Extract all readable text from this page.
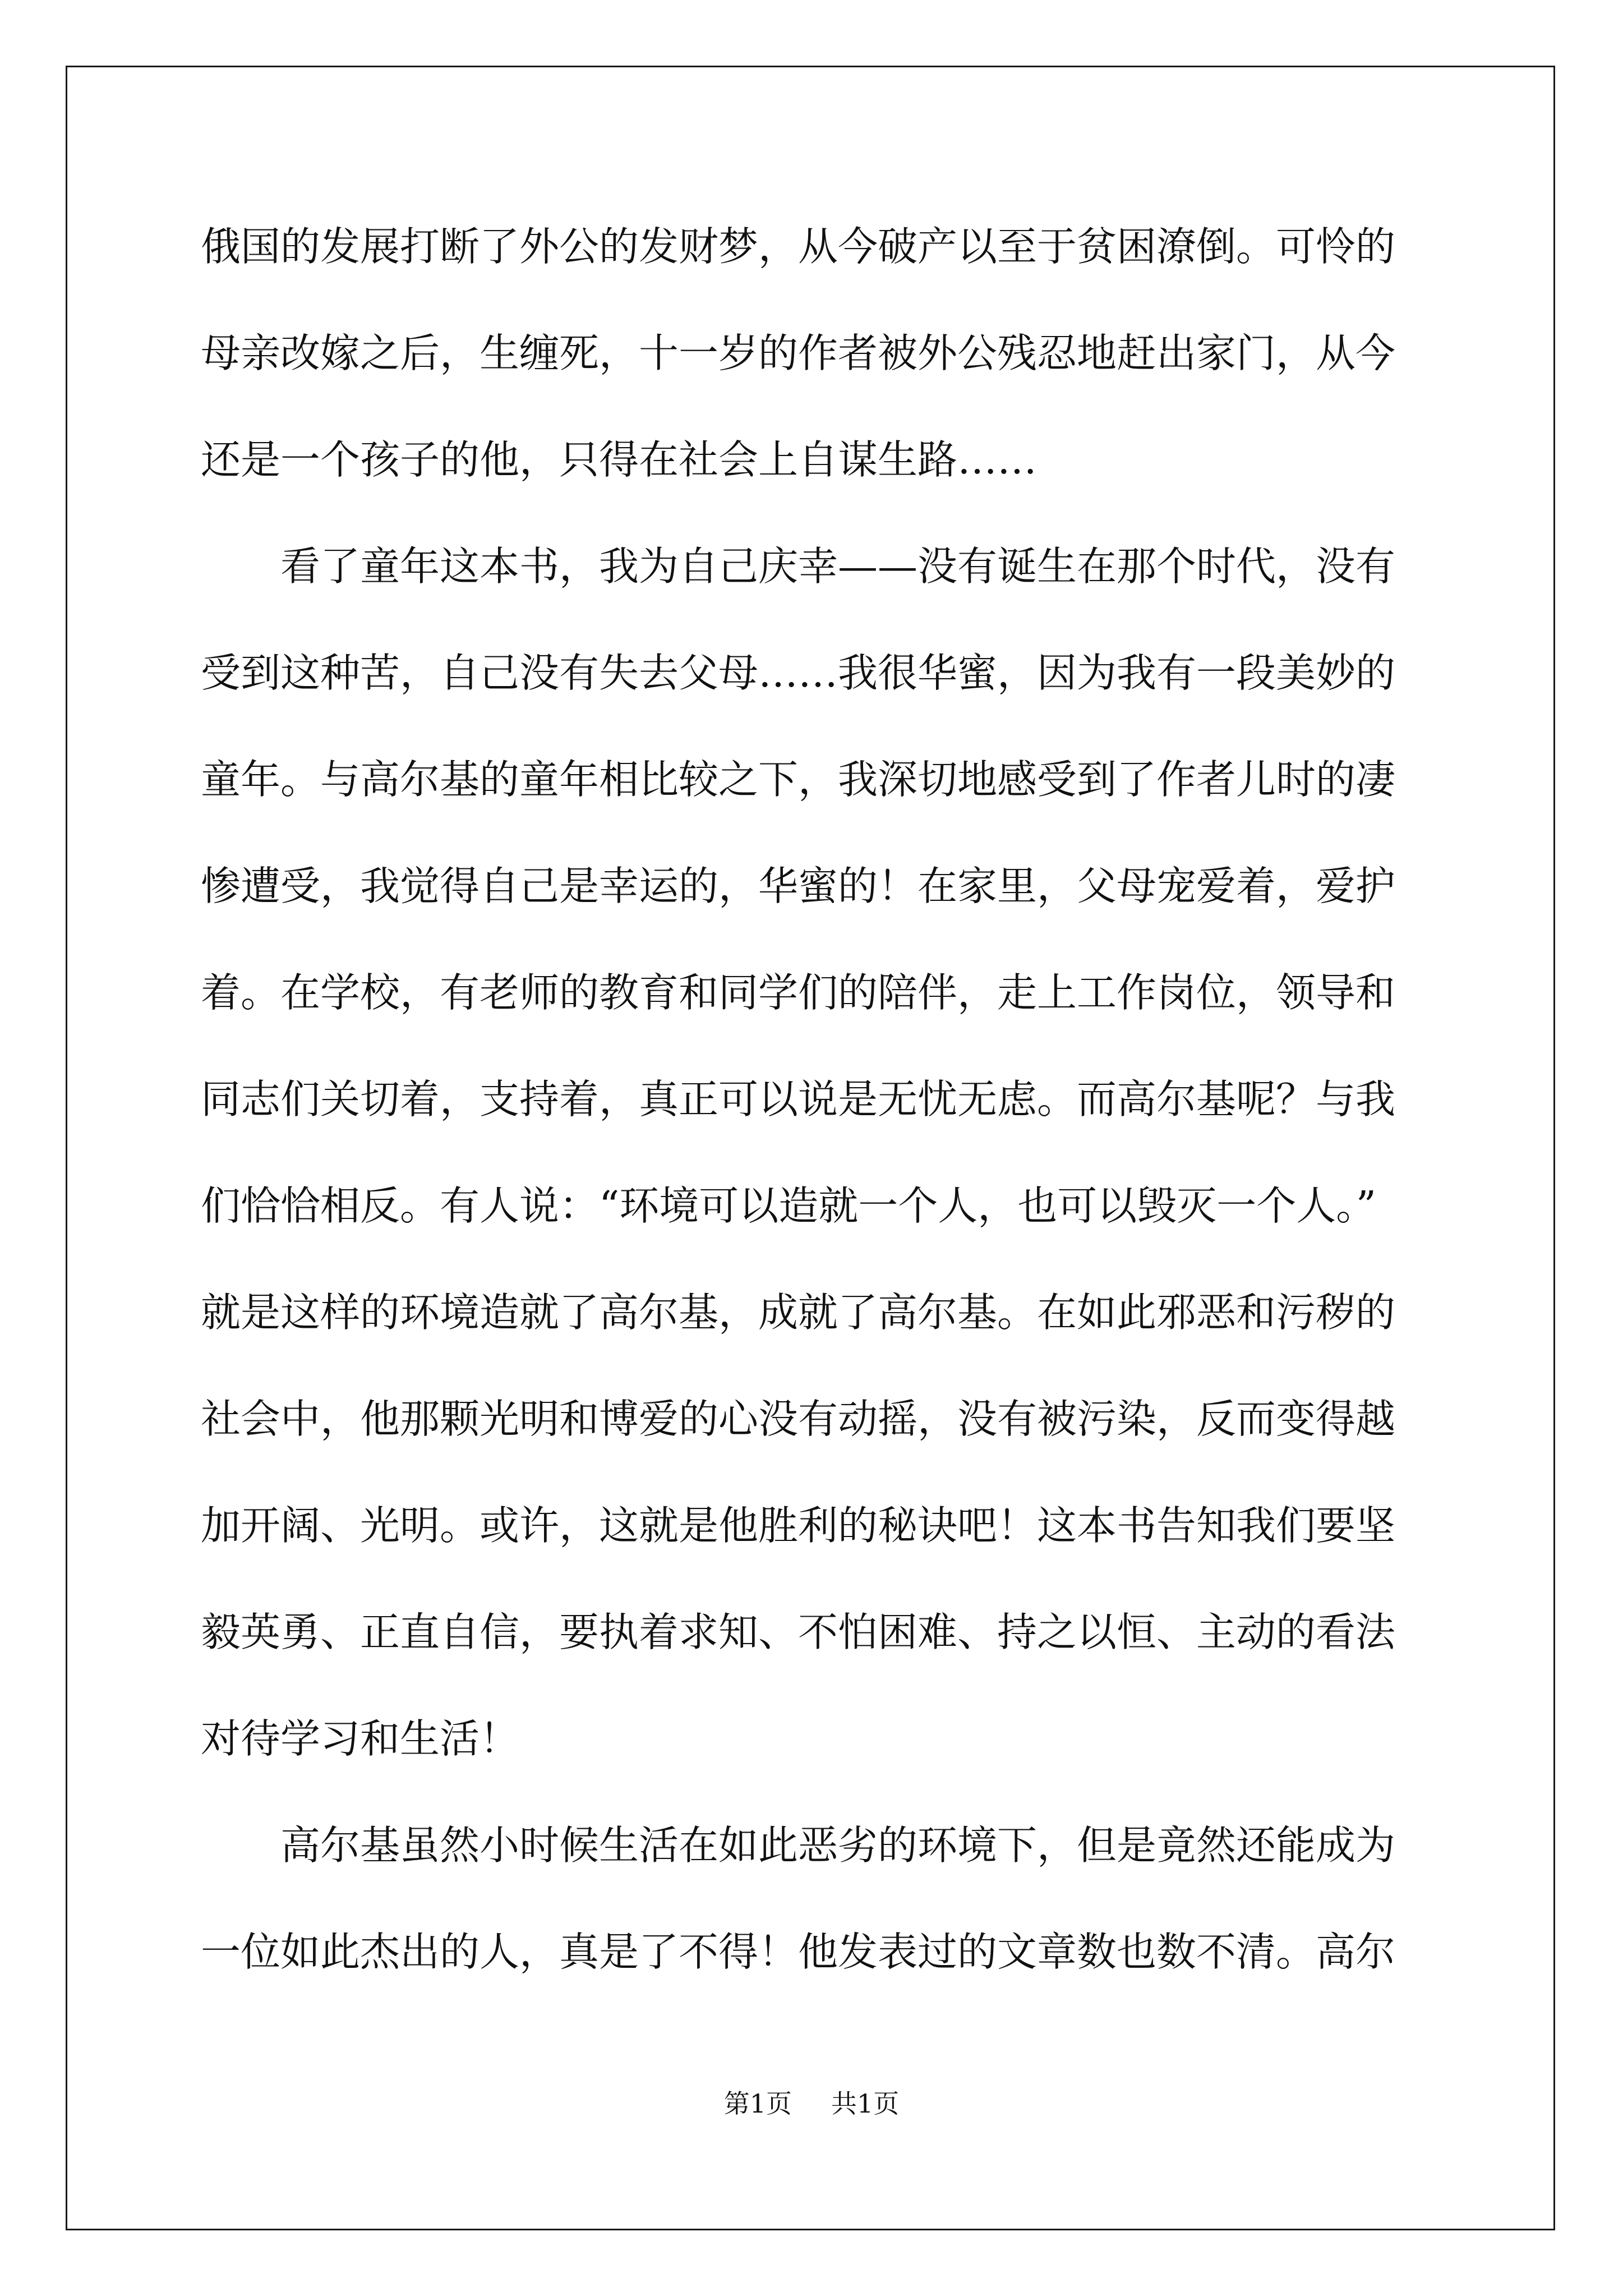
俄国的发展打断了外公的发财梦，从今破产以至于贫困潦倒。可怜的
母亲改嫁之后，生缠死，十一岁的作者被外公残忍地赶出家门，从今
还是一个孩子的他，只得在社会上自谋生路……
　　看了童年这本书，我为自己庆幸——没有诞生在那个时代，没有
受到这种苦，自己没有失去父母……我很华蜜，因为我有一段美妙的
童年。与高尔基的童年相比较之下，我深切地感受到了作者儿时的凄
惨遭受，我觉得自己是幸运的，华蜜的！在家里，父母宠爱着，爱护
着。在学校，有老师的教育和同学们的陪伴，走上工作岗位，领导和
同志们关切着，支持着，真正可以说是无忧无虑。而高尔基呢？与我
们恰恰相反。有人说：“环境可以造就一个人，也可以毁灭一个人。”
就是这样的环境造就了高尔基，成就了高尔基。在如此邪恶和污秽的
社会中，他那颗光明和博爱的心没有动摇，没有被污染，反而变得越
加开阔、光明。或许，这就是他胜利的秘诀吧！这本书告知我们要坚
毅英勇、正直自信，要执着求知、不怕困难、持之以恒、主动的看法
对待学习和生活！
　　高尔基虽然小时候生活在如此恶劣的环境下，但是竟然还能成为
一位如此杰出的人，真是了不得！他发表过的文章数也数不清。高尔
第1页 共1页
